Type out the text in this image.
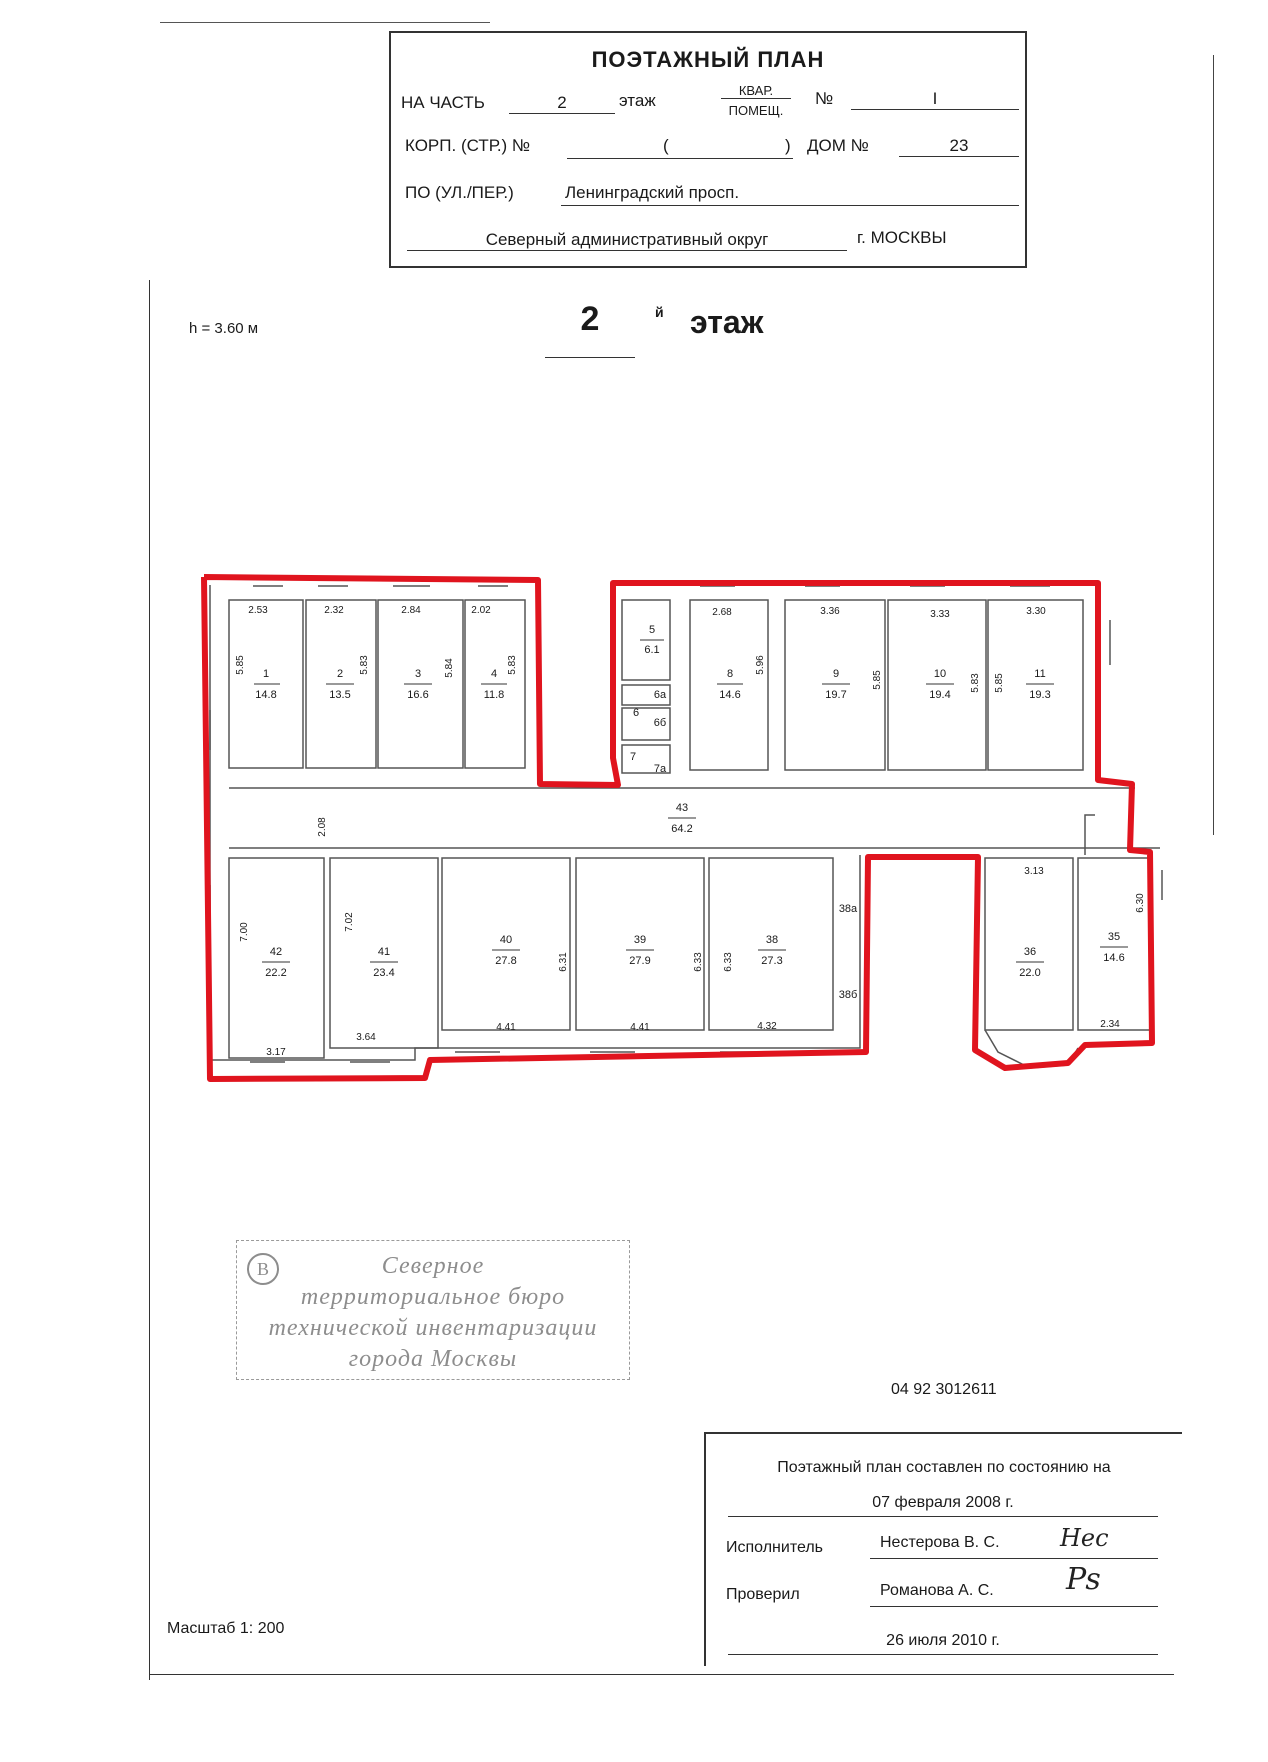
ПОЭТАЖНЫЙ ПЛАН
НА ЧАСТЬ	2	этаж
КВАР.
ПОМЕЩ.
№	I
КОРП. (СТР.) №	(	) ДОМ №	23
ПО (УЛ./ПЕР.)	Ленинградский просп.
Северный административный округ	г. МОСКВЫ
h = 3.60 м	2	й этаж
1
14.8
2
13.5
3
16.6
4
11.8
5
6.1
6
6а
6б
7
7а
8
14.6
9
19.7
10
19.4
11
19.3
43
64.2
42
22.2
41
23.4
40
27.8
39
27.9
38
27.3
38а
38б
36
22.0
35
14.6
2.53	2.32	2.84	2.02
5.85	5.83	5.84	5.83
2.68
5.96
3.36
5.85
3.33
5.83
3.30
5.85
2.08
7.00
7.02
6.31	6.33 6.33
3.17
3.64
4.41	4.41	4.32
3.13
6.30
2.34
В	Северное
территориальное бюро
технической инвентаризации
города Москвы
04 92 3012611
Поэтажный план составлен по состоянию на
07 февраля 2008 г.
Исполнитель	Нестерова В. С.	Нес
Проверил	Романова А. С. Ps
26 июля 2010 г.
Масштаб 1: 200
